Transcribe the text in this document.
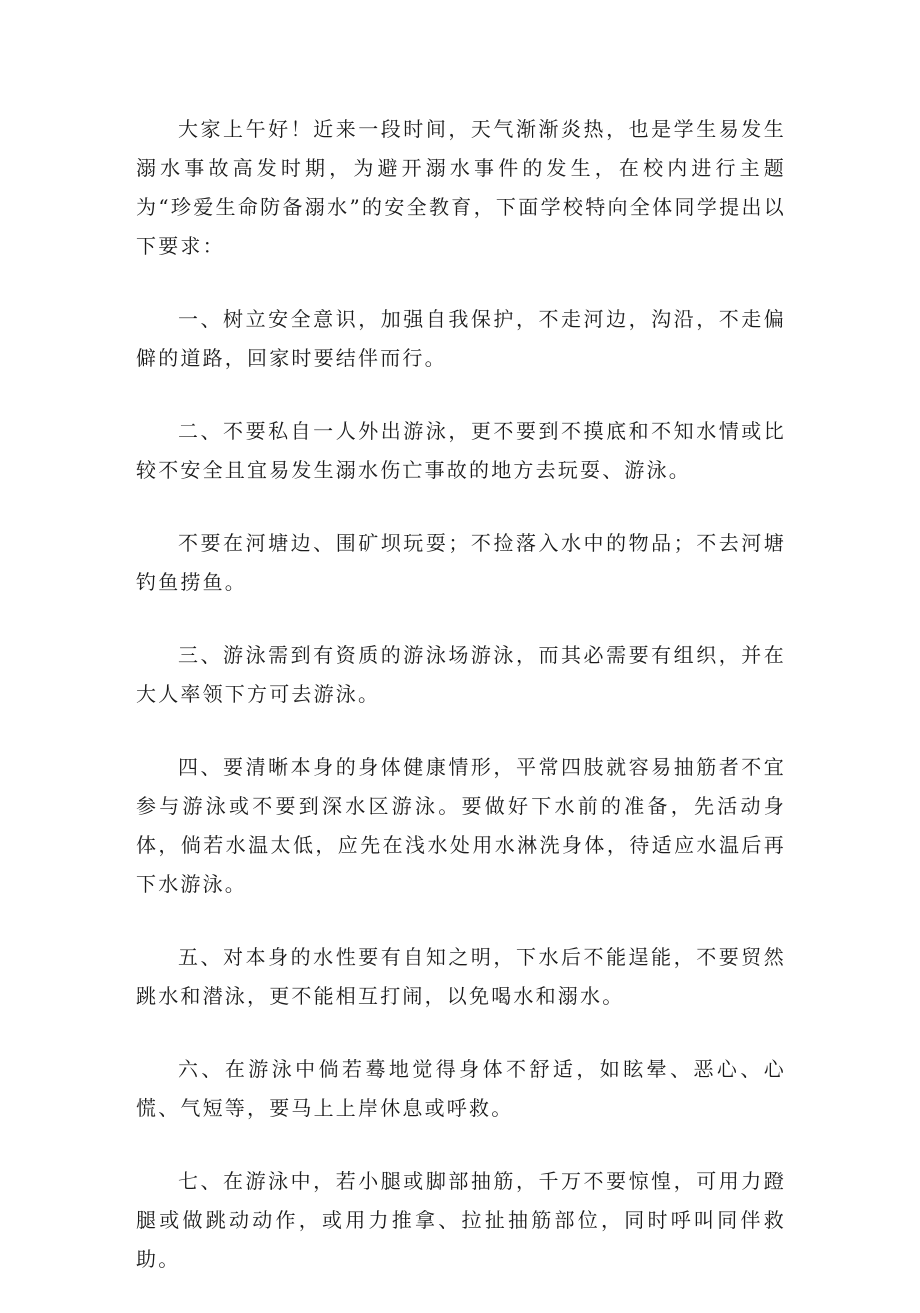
大家上午好！近来一段时间，天气渐渐炎热，也是学生易发生溺水事故高发时期，为避开溺水事件的发生，在校内进行主题为“珍爱生命防备溺水”的安全教育，下面学校特向全体同学提出以下要求：

一、树立安全意识，加强自我保护，不走河边，沟沿，不走偏僻的道路，回家时要结伴而行。

二、不要私自一人外出游泳，更不要到不摸底和不知水情或比较不安全且宜易发生溺水伤亡事故的地方去玩耍、游泳。

不要在河塘边、围矿坝玩耍；不捡落入水中的物品；不去河塘钓鱼捞鱼。

三、游泳需到有资质的游泳场游泳，而其必需要有组织，并在大人率领下方可去游泳。

四、要清晰本身的身体健康情形，平常四肢就容易抽筋者不宜参与游泳或不要到深水区游泳。要做好下水前的准备，先活动身体，倘若水温太低，应先在浅水处用水淋洗身体，待适应水温后再下水游泳。

五、对本身的水性要有自知之明，下水后不能逞能，不要贸然跳水和潜泳，更不能相互打闹，以免喝水和溺水。

六、在游泳中倘若蓦地觉得身体不舒适，如眩晕、恶心、心慌、气短等，要马上上岸休息或呼救。

七、在游泳中，若小腿或脚部抽筋，千万不要惊惶，可用力蹬腿或做跳动动作，或用力推拿、拉扯抽筋部位，同时呼叫同伴救助。
